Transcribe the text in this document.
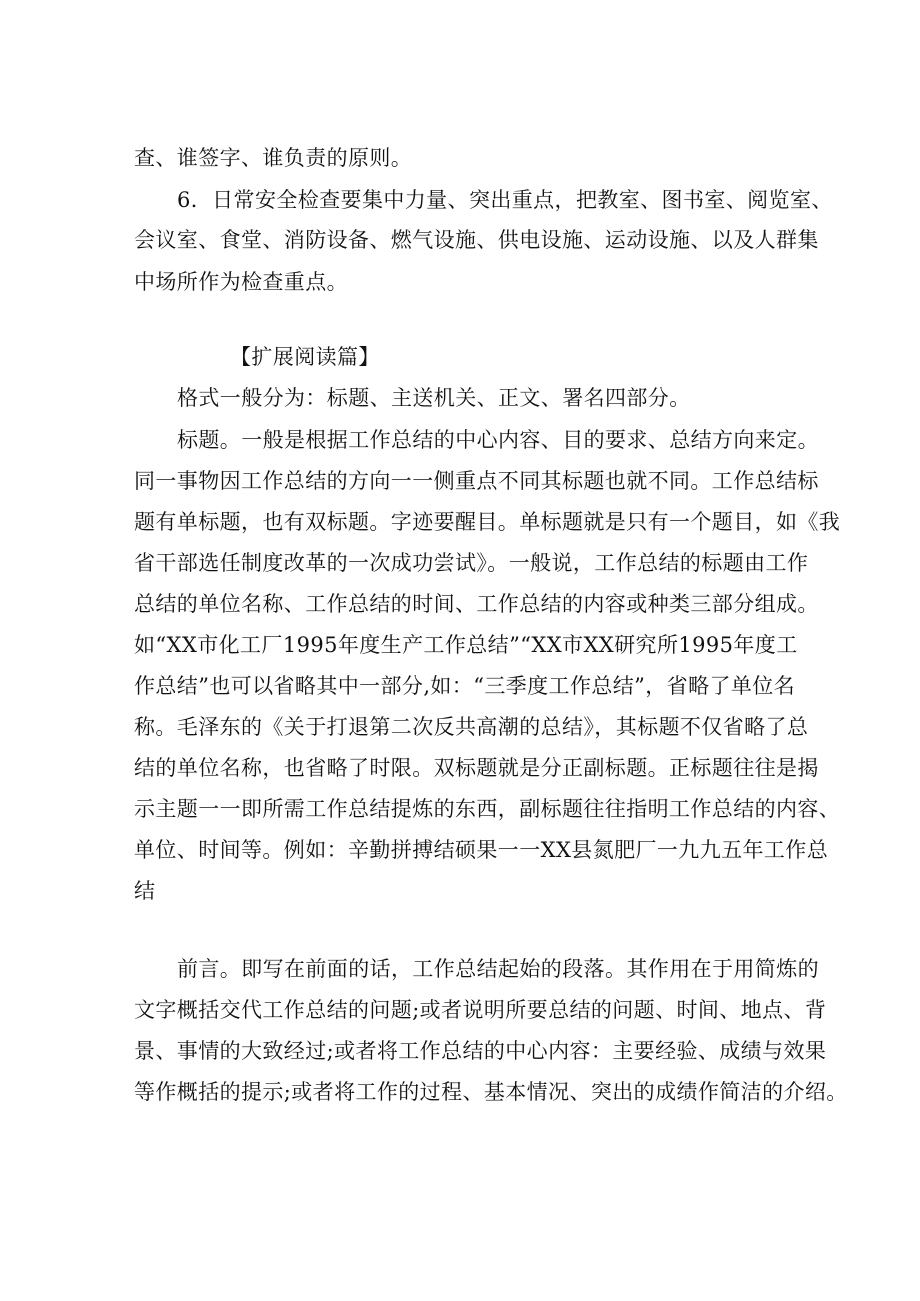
查、谁签字、谁负责的原则。
6．日常安全检查要集中力量、突出重点，把教室、图书室、阅览室、
会议室、食堂、消防设备、燃气设施、供电设施、运动设施、以及人群集
中场所作为检查重点。
【扩展阅读篇】
格式一般分为：标题、主送机关、正文、署名四部分。
标题。一般是根据工作总结的中心内容、目的要求、总结方向来定。
同一事物因工作总结的方向一一侧重点不同其标题也就不同。工作总结标
题有单标题，也有双标题。字迹要醒目。单标题就是只有一个题目，如《我
省干部选任制度改革的一次成功尝试》。一般说，工作总结的标题由工作
总结的单位名称、工作总结的时间、工作总结的内容或种类三部分组成。
如“XX市化工厂1995年度生产工作总结”“XX市XX研究所1995年度工
作总结”也可以省略其中一部分,如：“三季度工作总结”，省略了单位名
称。毛泽东的《关于打退第二次反共高潮的总结》，其标题不仅省略了总
结的单位名称，也省略了时限。双标题就是分正副标题。正标题往往是揭
示主题一一即所需工作总结提炼的东西，副标题往往指明工作总结的内容、
单位、时间等。例如：辛勤拼搏结硕果一一XX县氮肥厂一九九五年工作总
结
前言。即写在前面的话，工作总结起始的段落。其作用在于用简炼的
文字概括交代工作总结的问题;或者说明所要总结的问题、时间、地点、背
景、事情的大致经过;或者将工作总结的中心内容：主要经验、成绩与效果
等作概括的提示;或者将工作的过程、基本情况、突出的成绩作简洁的介绍。
